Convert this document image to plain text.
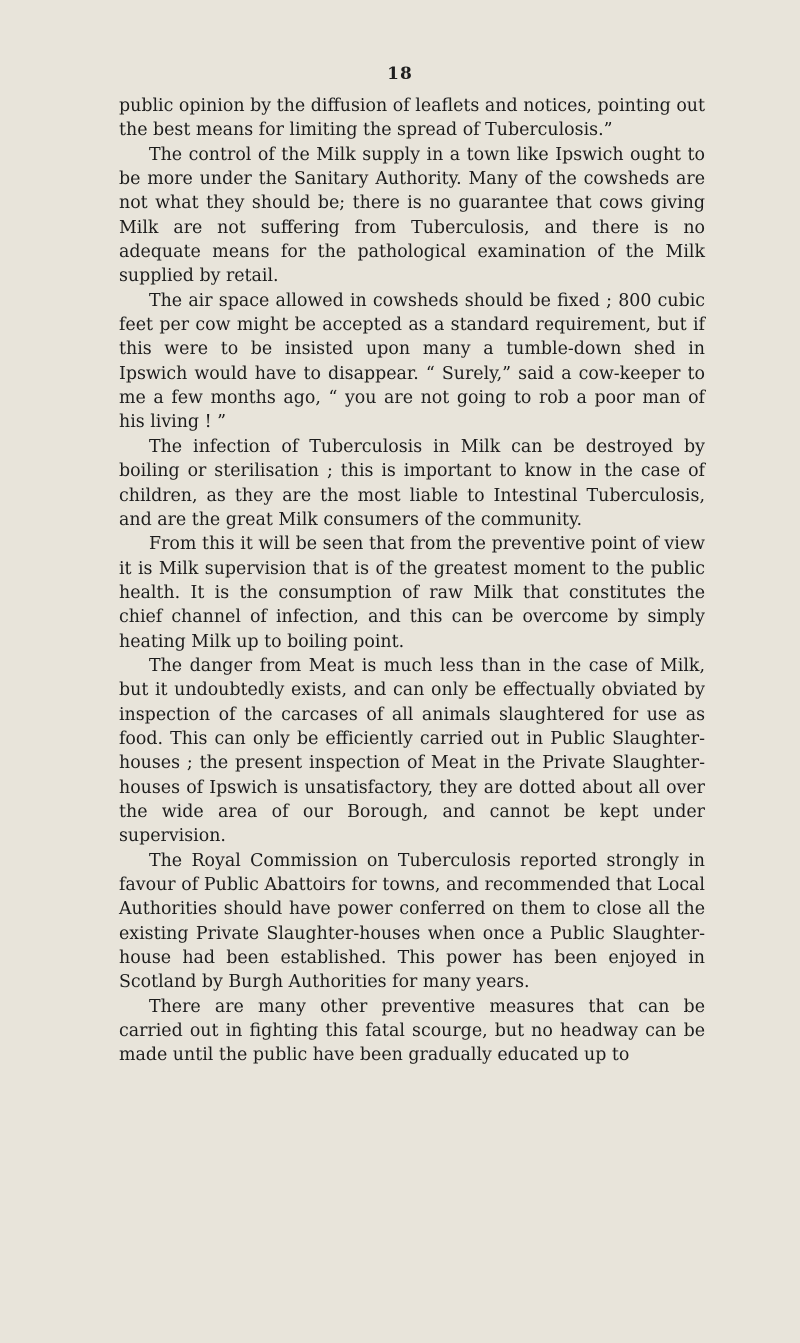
18

public opinion by the diffusion of leaflets and notices, pointing out the best means for limiting the spread of Tuberculosis.”

The control of the Milk supply in a town like Ipswich ought to be more under the Sanitary Authority. Many of the cowsheds are not what they should be; there is no guarantee that cows giving Milk are not suffering from Tuberculosis, and there is no adequate means for the pathological examination of the Milk supplied by retail.

The air space allowed in cowsheds should be fixed ; 800 cubic feet per cow might be accepted as a standard requirement, but if this were to be insisted upon many a tumble-down shed in Ipswich would have to disappear. “ Surely,” said a cow-keeper to me a few months ago, “ you are not going to rob a poor man of his living ! ”

The infection of Tuberculosis in Milk can be destroyed by boiling or sterilisation ; this is important to know in the case of children, as they are the most liable to Intestinal Tuberculosis, and are the great Milk consumers of the community.

From this it will be seen that from the preventive point of view it is Milk supervision that is of the greatest moment to the public health. It is the consumption of raw Milk that constitutes the chief channel of infection, and this can be overcome by simply heating Milk up to boiling point.

The danger from Meat is much less than in the case of Milk, but it undoubtedly exists, and can only be effectually obviated by inspection of the carcases of all animals slaughtered for use as food. This can only be efficiently carried out in Public Slaughter-houses ; the present inspection of Meat in the Private Slaughter-houses of Ipswich is unsatisfactory, they are dotted about all over the wide area of our Borough, and cannot be kept under supervision.

The Royal Commission on Tuberculosis reported strongly in favour of Public Abattoirs for towns, and recommended that Local Authorities should have power conferred on them to close all the existing Private Slaughter-houses when once a Public Slaughter-house had been established. This power has been enjoyed in Scotland by Burgh Authorities for many years.

There are many other preventive measures that can be carried out in fighting this fatal scourge, but no headway can be made until the public have been gradually educated up to
